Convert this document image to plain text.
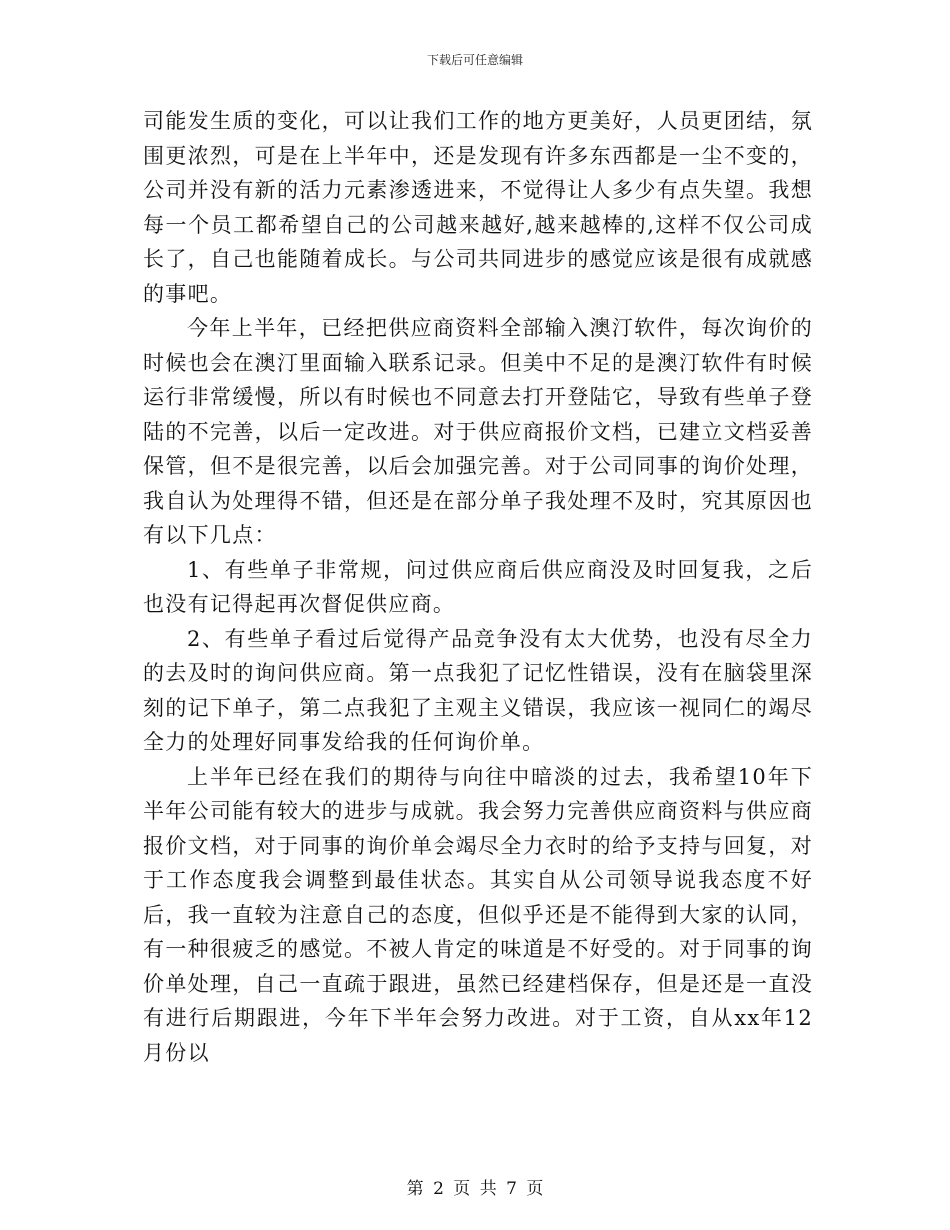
下载后可任意编辑

司能发生质的变化，可以让我们工作的地方更美好，人员更团结，氛围更浓烈，可是在上半年中，还是发现有许多东西都是一尘不变的，公司并没有新的活力元素渗透进来，不觉得让人多少有点失望。我想每一个员工都希望自己的公司越来越好,越来越棒的,这样不仅公司成长了，自己也能随着成长。与公司共同进步的感觉应该是很有成就感的事吧。

今年上半年，已经把供应商资料全部输入澳汀软件，每次询价的时候也会在澳汀里面输入联系记录。但美中不足的是澳汀软件有时候运行非常缓慢，所以有时候也不同意去打开登陆它，导致有些单子登陆的不完善，以后一定改进。对于供应商报价文档，已建立文档妥善保管，但不是很完善，以后会加强完善。对于公司同事的询价处理，我自认为处理得不错，但还是在部分单子我处理不及时，究其原因也有以下几点：

1、有些单子非常规，问过供应商后供应商没及时回复我，之后也没有记得起再次督促供应商。

2、有些单子看过后觉得产品竞争没有太大优势，也没有尽全力的去及时的询问供应商。第一点我犯了记忆性错误，没有在脑袋里深刻的记下单子，第二点我犯了主观主义错误，我应该一视同仁的竭尽全力的处理好同事发给我的任何询价单。

上半年已经在我们的期待与向往中暗淡的过去，我希望10年下半年公司能有较大的进步与成就。我会努力完善供应商资料与供应商报价文档，对于同事的询价单会竭尽全力衣时的给予支持与回复，对于工作态度我会调整到最佳状态。其实自从公司领导说我态度不好后，我一直较为注意自己的态度，但似乎还是不能得到大家的认同，有一种很疲乏的感觉。不被人肯定的味道是不好受的。对于同事的询价单处理，自己一直疏于跟进，虽然已经建档保存，但是还是一直没有进行后期跟进，今年下半年会努力改进。对于工资，自从xx年12月份以

第 2 页 共 7 页
